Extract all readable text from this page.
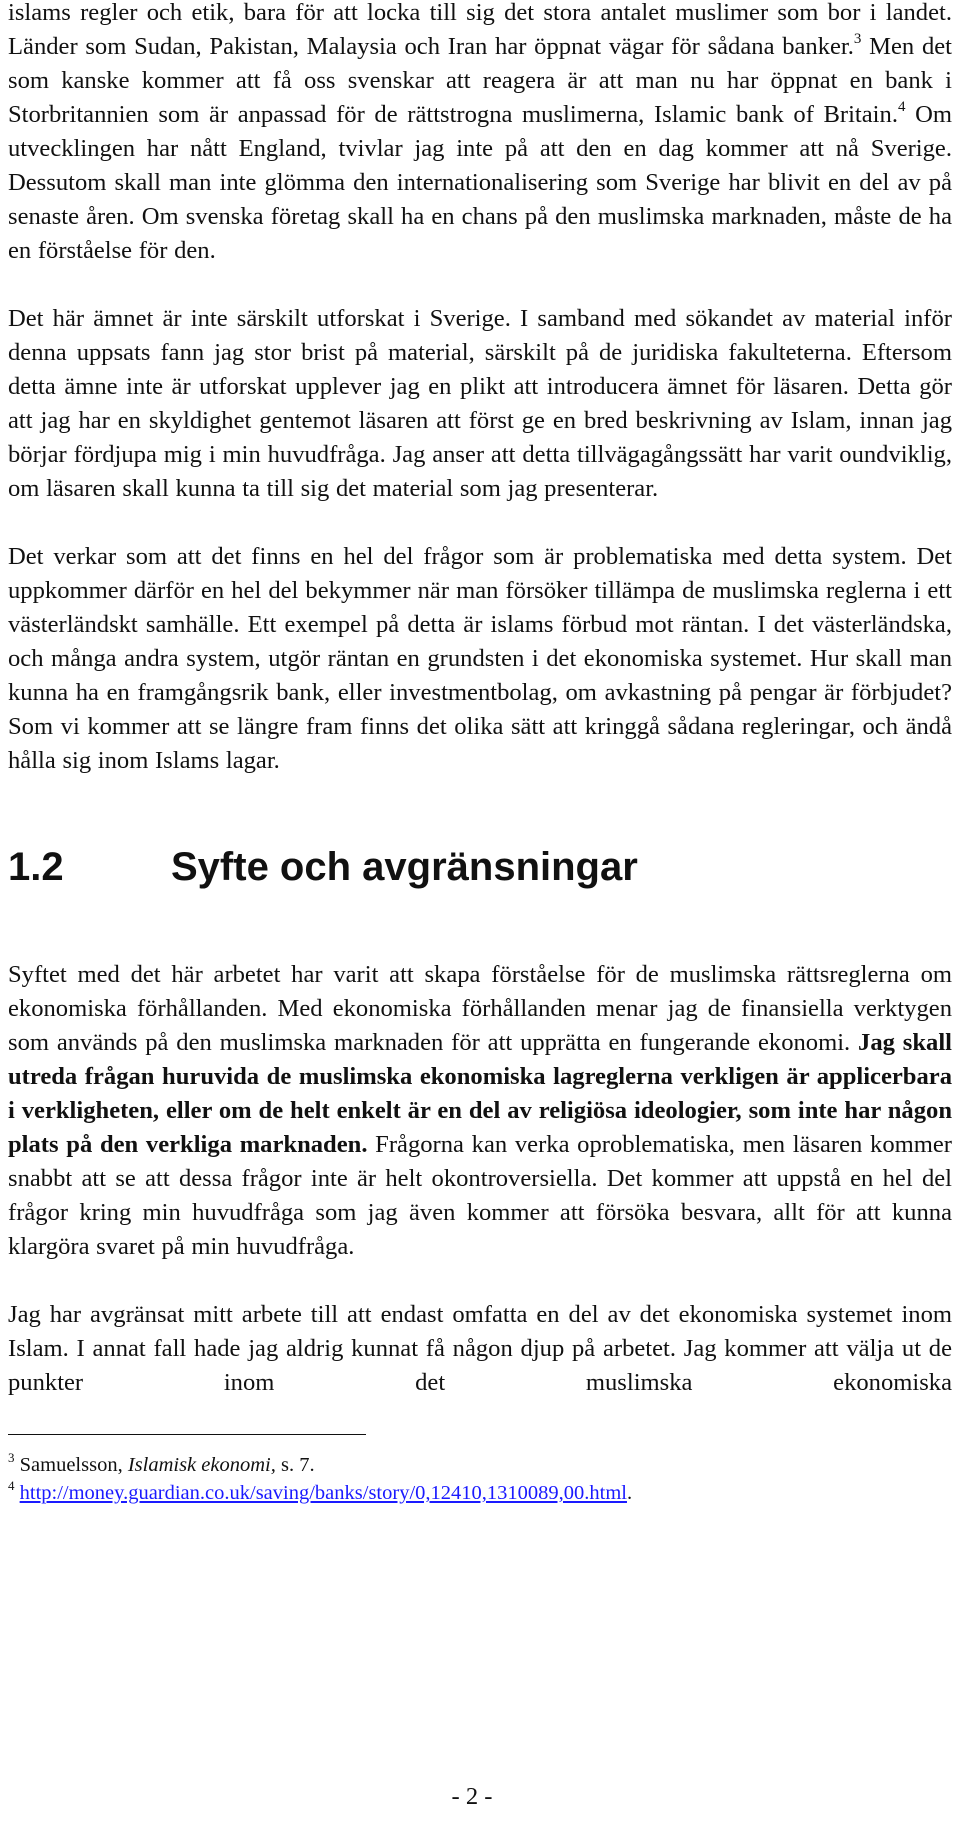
islams regler och etik, bara för att locka till sig det stora antalet muslimer som bor i landet. Länder som Sudan, Pakistan, Malaysia och Iran har öppnat vägar för sådana banker.$^3$ Men det som kanske kommer att få oss svenskar att reagera är att man nu har öppnat en bank i Storbritannien som är anpassad för de rättstrogna muslimerna, Islamic bank of Britain.$^4$ Om utvecklingen har nått England, tvivlar jag inte på att den en dag kommer att nå Sverige. Dessutom skall man inte glömma den internationalisering som Sverige har blivit en del av på senaste åren. Om svenska företag skall ha en chans på den muslimska marknaden, måste de ha en förståelse för den.

Det här ämnet är inte särskilt utforskat i Sverige. I samband med sökandet av material inför denna uppsats fann jag stor brist på material, särskilt på de juridiska fakulteterna. Eftersom detta ämne inte är utforskat upplever jag en plikt att introducera ämnet för läsaren. Detta gör att jag har en skyldighet gentemot läsaren att först ge en bred beskrivning av Islam, innan jag börjar fördjupa mig i min huvudfråga. Jag anser att detta tillvägagångssätt har varit oundviklig, om läsaren skall kunna ta till sig det material som jag presenterar.

Det verkar som att det finns en hel del frågor som är problematiska med detta system. Det uppkommer därför en hel del bekymmer när man försöker tillämpa de muslimska reglerna i ett västerländskt samhälle. Ett exempel på detta är islams förbud mot räntan. I det västerländska, och många andra system, utgör räntan en grundsten i det ekonomiska systemet. Hur skall man kunna ha en framgångsrik bank, eller investmentbolag, om avkastning på pengar är förbjudet? Som vi kommer att se längre fram finns det olika sätt att kringgå sådana regleringar, och ändå hålla sig inom Islams lagar.

1.2	Syfte och avgränsningar

Syftet med det här arbetet har varit att skapa förståelse för de muslimska rättsreglerna om ekonomiska förhållanden. Med ekonomiska förhållanden menar jag de finansiella verktygen som används på den muslimska marknaden för att upprätta en fungerande ekonomi. Jag skall utreda frågan huruvida de muslimska ekonomiska lagreglerna verkligen är applicerbara i verkligheten, eller om de helt enkelt är en del av religiösa ideologier, som inte har någon plats på den verkliga marknaden. Frågorna kan verka oproblematiska, men läsaren kommer snabbt att se att dessa frågor inte är helt okontroversiella. Det kommer att uppstå en hel del frågor kring min huvudfråga som jag även kommer att försöka besvara, allt för att kunna klargöra svaret på min huvudfråga.

Jag har avgränsat mitt arbete till att endast omfatta en del av det ekonomiska systemet inom Islam. I annat fall hade jag aldrig kunnat få någon djup på arbetet. Jag kommer att välja ut de punkter inom det muslimska ekonomiska

$^3$ Samuelsson, Islamisk ekonomi, s. 7.

$^4$ http://money.guardian.co.uk/saving/banks/story/0,12410,1310089,00.html.

- 2 -
